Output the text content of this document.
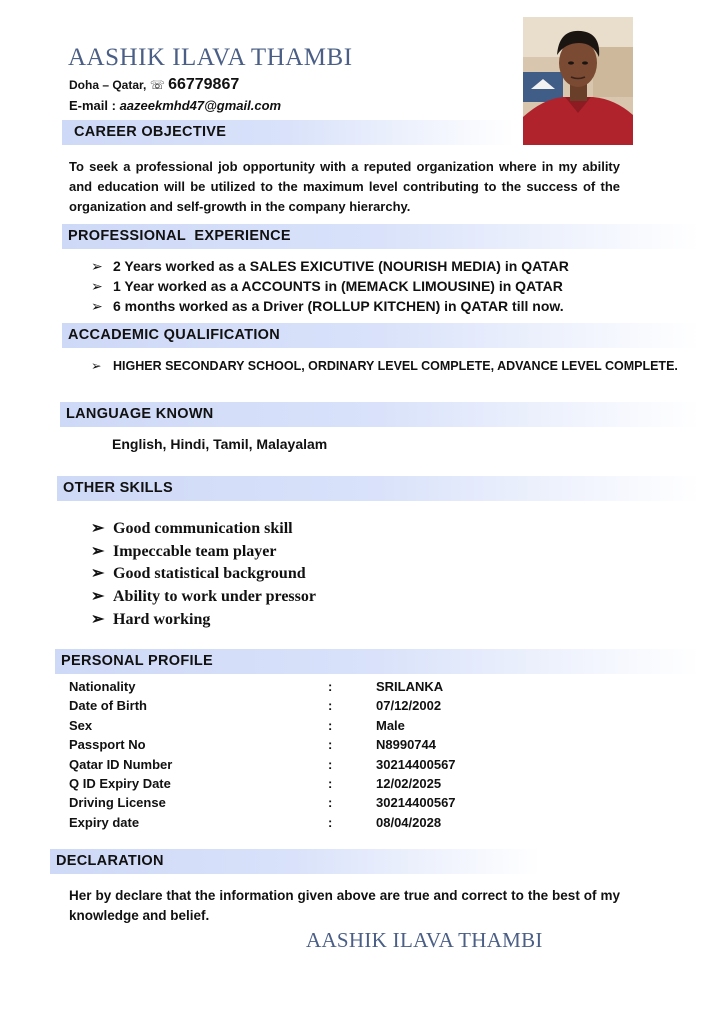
AASHIK ILAVA THAMBI
Doha – Qatar, ☏ 66779867
E-mail : aazeekmhd47@gmail.com
CAREER OBJECTIVE
To seek a professional job opportunity with a reputed organization where in my ability and education will be utilized to the maximum level contributing to the success of the organization and self-growth in the company hierarchy.
PROFESSIONAL  EXPERIENCE
➢ 2 Years worked as a SALES EXICUTIVE (NOURISH MEDIA) in QATAR
➢ 1 Year worked as a ACCOUNTS in (MEMACK LIMOUSINE) in QATAR
➢ 6 months worked as a Driver (ROLLUP KITCHEN) in QATAR till now.
ACCADEMIC QUALIFICATION
➢ HIGHER SECONDARY SCHOOL, ORDINARY LEVEL COMPLETE, ADVANCE LEVEL COMPLETE.
LANGUAGE KNOWN
English, Hindi, Tamil, Malayalam
OTHER SKILLS
➢ Good communication skill
➢ Impeccable team player
➢ Good statistical background
➢ Ability to work under pressor
➢ Hard working
PERSONAL PROFILE
Nationality	:	SRILANKA
Date of Birth	:	07/12/2002
Sex	:	Male
Passport No	:	N8990744
Qatar ID Number	:	30214400567
Q ID Expiry Date	:	12/02/2025
Driving License	:	30214400567
Expiry date	:	08/04/2028
DECLARATION
Her by declare that the information given above are true and correct to the best of my knowledge and belief.
AASHIK ILAVA THAMBI
